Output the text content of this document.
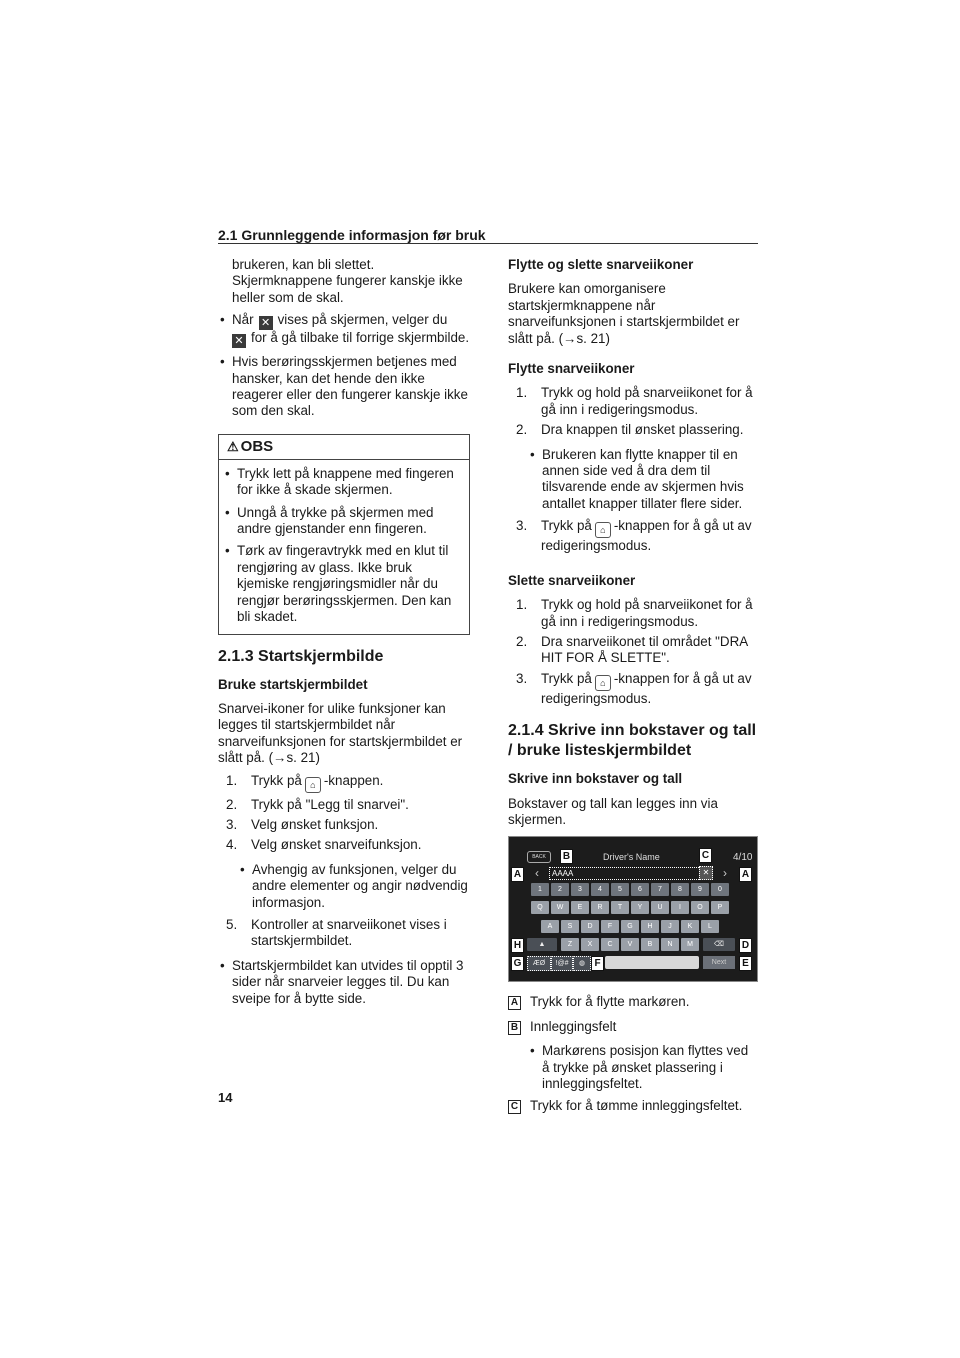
2.1 Grunnleggende informasjon før bruk

brukeren, kan bli slettet. Skjermknappene fungerer kanskje ikke heller som de skal.

• Når ✕ vises på skjermen, velger du
✕ for å gå tilbake til forrige skjermbilde.
• Hvis berøringsskjermen betjenes med hansker, kan det hende den ikke reagerer eller den fungerer kanskje ikke som den skal.
⚠ OBS
• Trykk lett på knappene med fingeren for ikke å skade skjermen.
• Unngå å trykke på skjermen med andre gjenstander enn fingeren.
• Tørk av fingeravtrykk med en klut til rengjøring av glass. Ikke bruk kjemiske rengjøringsmidler når du rengjør berøringsskjermen. Den kan bli skadet.
2.1.3 Startskjermbilde
Bruke startskjermbildet

Snarvei-ikoner for ulike funksjoner kan legges til startskjermbildet når snarveifunksjonen for startskjermbildet er slått på. (→s. 21)

1. Trykk på ⌂ -knappen.
2. Trykk på "Legg til snarvei".
3. Velg ønsket funksjon.
4. Velg ønsket snarveifunksjon.
• Avhengig av funksjonen, velger du andre elementer og angir nødvendig informasjon.
5. Kontroller at snarveiikonet vises i startskjermbildet.
• Startskjermbildet kan utvides til opptil 3 sider når snarveier legges til. Du kan sveipe for å bytte side.
Flytte og slette snarveiikoner

Brukere kan omorganisere startskjermknappene når snarveifunksjonen i startskjermbildet er slått på. (→s. 21)

Flytte snarveiikoner
1. Trykk og hold på snarveiikonet for å gå inn i redigeringsmodus.
2. Dra knappen til ønsket plassering.
• Brukeren kan flytte knapper til en annen side ved å dra dem til tilsvarende ende av skjermen hvis antallet knapper tillater flere sider.
3. Trykk på ⌂ -knappen for å gå ut av redigeringsmodus.
Slette snarveiikoner
1. Trykk og hold på snarveiikonet for å gå inn i redigeringsmodus.
2. Dra snarveiikonet til området "DRA HIT FOR Å SLETTE".
3. Trykk på ⌂ -knappen for å gå ut av redigeringsmodus.
2.1.4 Skrive inn bokstaver og tall / bruke listeskjermbildet
Skrive inn bokstaver og tall

Bokstaver og tall kan legges inn via skjermen.

BACK	Driver's Name	4/10
B	C
A	A
‹	AAAA	✕	›
1	2	3	4	5	6	7	8	9	0
Q	W	E	R	T	Y	U	I	O	P
A	S	D	F	G	H	J	K	L
H	▲	Z	X	C	V	B	N	M	⌫	D
G	ÆØ	!@#	◍ F	Next	E
A Trykk for å flytte markøren.
B Innleggingsfelt
• Markørens posisjon kan flyttes ved å trykke på ønsket plassering i innleggingsfeltet.
C Trykk for å tømme innleggingsfeltet.
14
